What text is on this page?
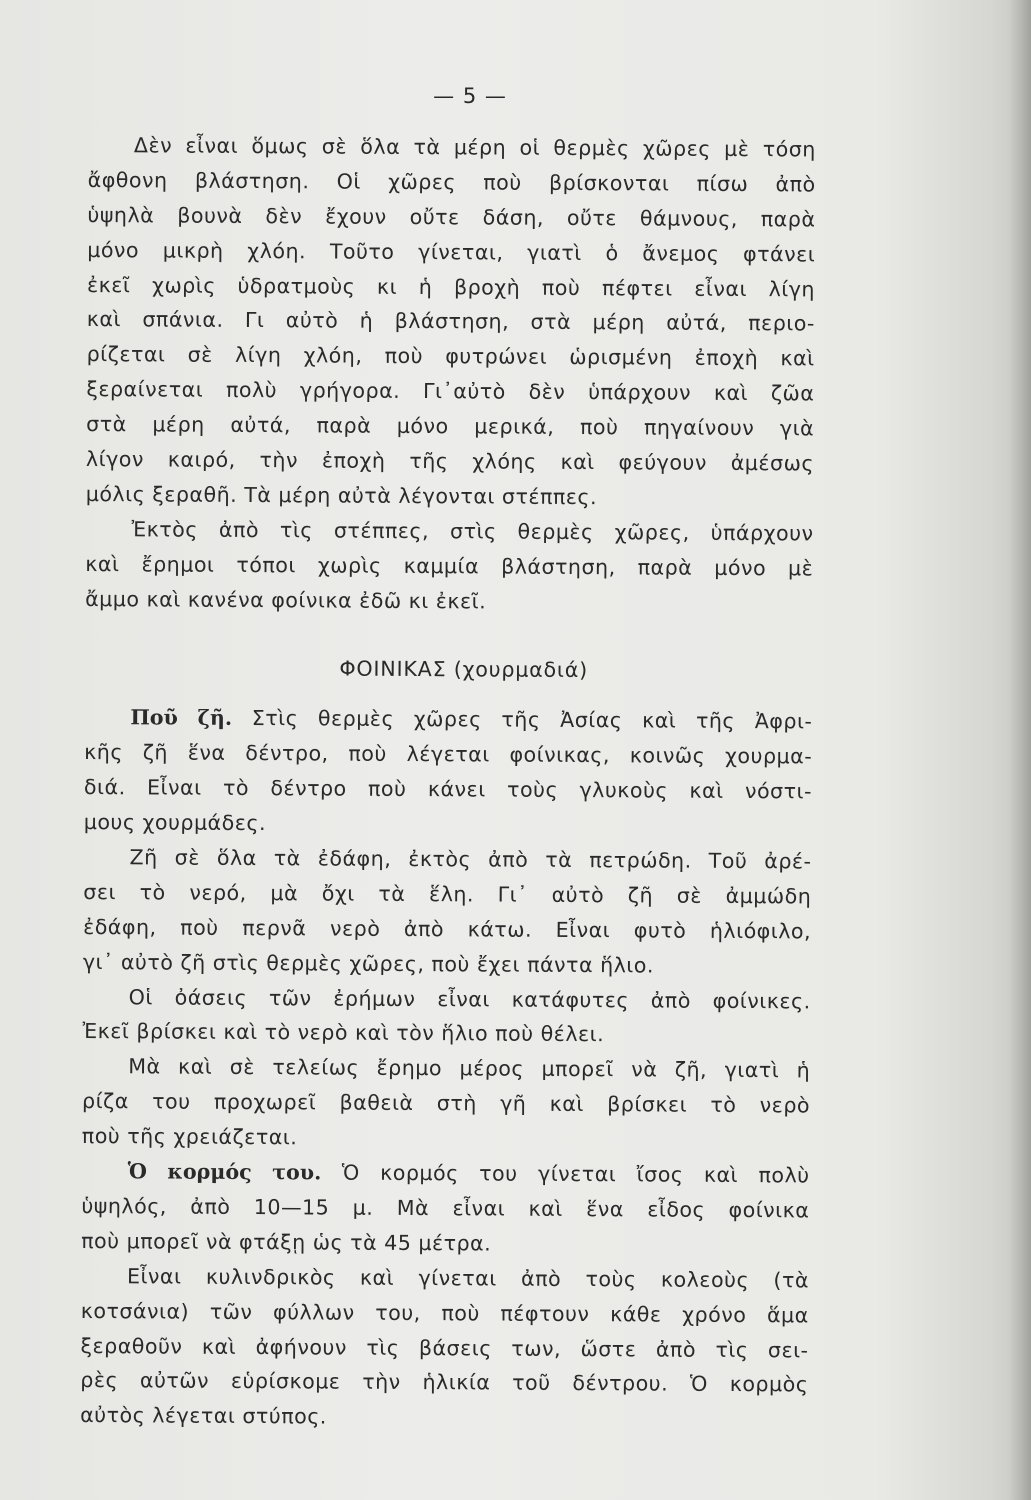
— 5 —
Δὲν εἶναι ὅμως σὲ ὅλα τὰ μέρη οἱ θερμὲς χῶρες μὲ τόση
ἄφθονη βλάστηση. Οἱ χῶρες ποὺ βρίσκονται πίσω ἀπὸ
ὑψηλὰ βουνὰ δὲν ἔχουν οὔτε δάση, οὔτε θάμνους, παρὰ
μόνο μικρὴ χλόη. Τοῦτο γίνεται, γιατὶ ὁ ἄνεμος φτάνει
ἐκεῖ χωρὶς ὑδρατμοὺς κι ἡ βροχὴ ποὺ πέφτει εἶναι λίγη
καὶ σπάνια. Γι αὐτὸ ἡ βλάστηση, στὰ μέρη αὐτά, περιο-
ρίζεται σὲ λίγη χλόη, ποὺ φυτρώνει ὡρισμένη ἐποχὴ καὶ
ξεραίνεται πολὺ γρήγορα. Γι᾽αὐτὸ δὲν ὑπάρχουν καὶ ζῶα
στὰ μέρη αὐτά, παρὰ μόνο μερικά, ποὺ πηγαίνουν γιὰ
λίγον καιρό, τὴν ἐποχὴ τῆς χλόης καὶ φεύγουν ἀμέσως
μόλις ξεραθῆ. Τὰ μέρη αὐτὰ λέγονται στέππες.
Ἐκτὸς ἀπὸ τὶς στέππες, στὶς θερμὲς χῶρες, ὑπάρχουν
καὶ ἔρημοι τόποι χωρὶς καμμία βλάστηση, παρὰ μόνο μὲ
ἄμμο καὶ κανένα φοίνικα ἐδῶ κι ἐκεῖ.
ΦΟΙΝΙΚΑΣ (χουρμαδιά)
Ποῦ ζῆ. Στὶς θερμὲς χῶρες τῆς Ἀσίας καὶ τῆς Ἀφρι-
κῆς ζῆ ἕνα δέντρο, ποὺ λέγεται φοίνικας, κοινῶς χουρμα-
διά. Εἶναι τὸ δέντρο ποὺ κάνει τοὺς γλυκοὺς καὶ νόστι-
μους χουρμάδες.
Ζῆ σὲ ὅλα τὰ ἐδάφη, ἐκτὸς ἀπὸ τὰ πετρώδη. Τοῦ ἀρέ-
σει τὸ νερό, μὰ ὄχι τὰ ἕλη. Γι᾽ αὐτὸ ζῆ σὲ ἀμμώδη
ἐδάφη, ποὺ περνᾶ νερὸ ἀπὸ κάτω. Εἶναι φυτὸ ἡλιόφιλο,
γι᾽ αὐτὸ ζῆ στὶς θερμὲς χῶρες, ποὺ ἔχει πάντα ἥλιο.
Οἱ ὀάσεις τῶν ἐρήμων εἶναι κατάφυτες ἀπὸ φοίνικες.
Ἐκεῖ βρίσκει καὶ τὸ νερὸ καὶ τὸν ἥλιο ποὺ θέλει.
Μὰ καὶ σὲ τελείως ἔρημο μέρος μπορεῖ νὰ ζῆ, γιατὶ ἡ
ρίζα του προχωρεῖ βαθειὰ στὴ γῆ καὶ βρίσκει τὸ νερὸ
ποὺ τῆς χρειάζεται.
Ὁ κορμός του. Ὁ κορμός του γίνεται ἴσος καὶ πολὺ
ὑψηλός, ἀπὸ 10—15 μ. Μὰ εἶναι καὶ ἕνα εἶδος φοίνικα
ποὺ μπορεῖ νὰ φτάξῃ ὡς τὰ 45 μέτρα.
Εἶναι κυλινδρικὸς καὶ γίνεται ἀπὸ τοὺς κολεοὺς (τὰ
κοτσάνια) τῶν φύλλων του, ποὺ πέφτουν κάθε χρόνο ἅμα
ξεραθοῦν καὶ ἀφήνουν τὶς βάσεις των, ὥστε ἀπὸ τὶς σει-
ρὲς αὐτῶν εὑρίσκομε τὴν ἡλικία τοῦ δέντρου. Ὁ κορμὸς
αὐτὸς λέγεται στύπος.
